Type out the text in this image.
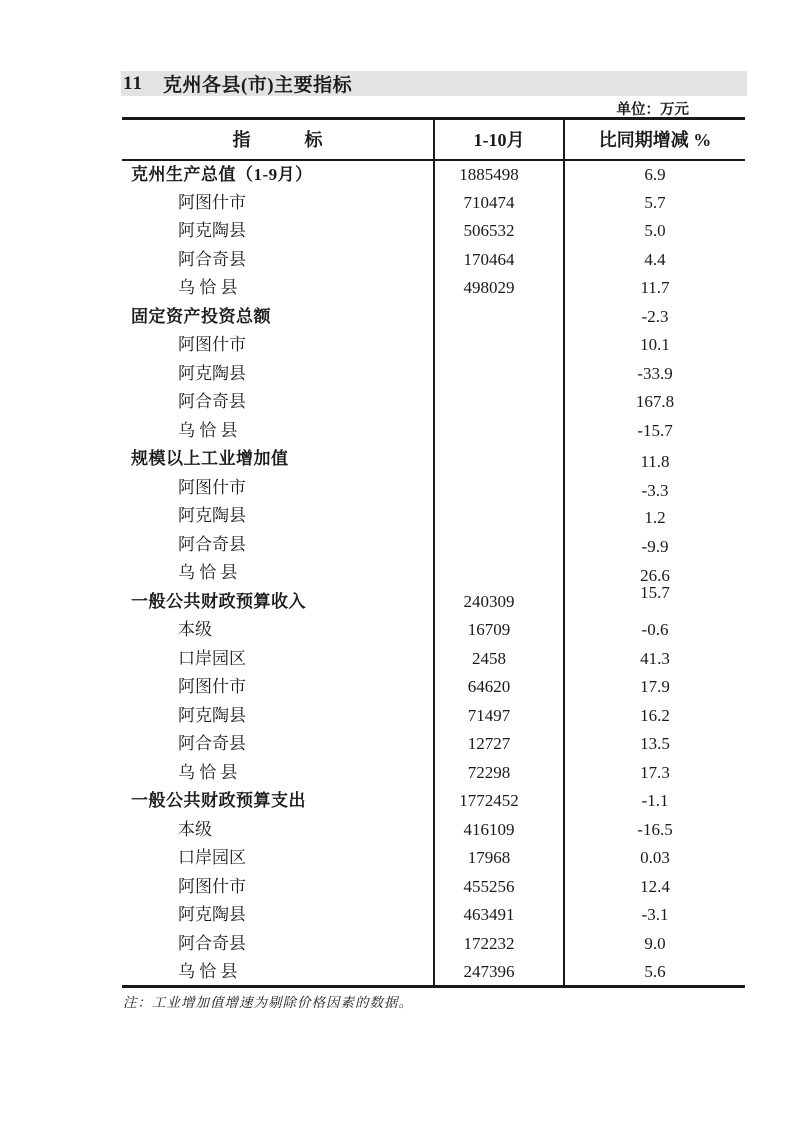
11 克州各县(市)主要指标
单位：万元
指　　　标	1-10月	比同期增减 %
克州生产总值（1-9月）	1885498	6.9
阿图什市	710474	5.7
阿克陶县	506532	5.0
阿合奇县	170464	4.4
乌 恰 县	498029	11.7
固定资产投资总额		-2.3
阿图什市		10.1
阿克陶县		-33.9
阿合奇县		167.8
乌 恰 县		-15.7
规模以上工业增加值		11.8
阿图什市		-3.3
阿克陶县		1.2
阿合奇县		-9.9
乌 恰 县		26.6
一般公共财政预算收入	240309	15.7
本级	16709	-0.6
口岸园区	2458	41.3
阿图什市	64620	17.9
阿克陶县	71497	16.2
阿合奇县	12727	13.5
乌 恰 县	72298	17.3
一般公共财政预算支出	1772452	-1.1
本级	416109	-16.5
口岸园区	17968	0.03
阿图什市	455256	12.4
阿克陶县	463491	-3.1
阿合奇县	172232	9.0
乌 恰 县	247396	5.6
注：工业增加值增速为剔除价格因素的数据。
